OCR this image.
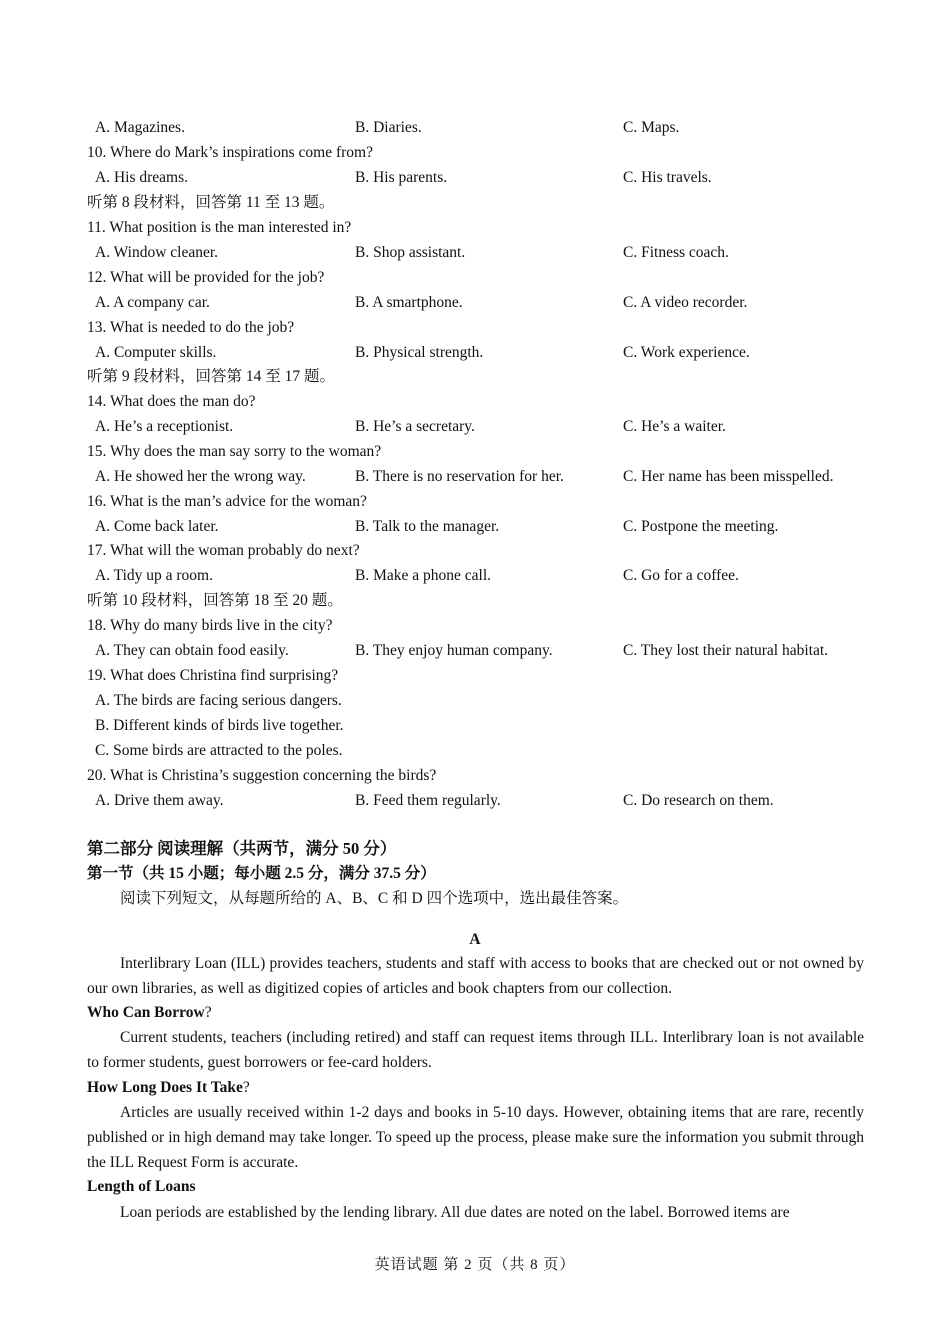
A. Magazines.	B. Diaries.	C. Maps.
10. Where do Mark’s inspirations come from?
A. His dreams.	B. His parents.	C. His travels.
听第 8 段材料，回答第 11 至 13 题。
11. What position is the man interested in?
A. Window cleaner.	B. Shop assistant.	C. Fitness coach.
12. What will be provided for the job?
A. A company car.	B. A smartphone.	C. A video recorder.
13. What is needed to do the job?
A. Computer skills.	B. Physical strength.	C. Work experience.
听第 9 段材料，回答第 14 至 17 题。
14. What does the man do?
A. He’s a receptionist.	B. He’s a secretary.	C. He’s a waiter.
15. Why does the man say sorry to the woman?
A. He showed her the wrong way.	B. There is no reservation for her.	C. Her name has been misspelled.
16. What is the man’s advice for the woman?
A. Come back later.	B. Talk to the manager.	C. Postpone the meeting.
17. What will the woman probably do next?
A. Tidy up a room.	B. Make a phone call.	C. Go for a coffee.
听第 10 段材料，回答第 18 至 20 题。
18. Why do many birds live in the city?
A. They can obtain food easily.	B. They enjoy human company.	C. They lost their natural habitat.
19. What does Christina find surprising?
A. The birds are facing serious dangers.
B. Different kinds of birds live together.
C. Some birds are attracted to the poles.
20. What is Christina’s suggestion concerning the birds?
A. Drive them away.	B. Feed them regularly.	C. Do research on them.
第二部分 阅读理解（共两节，满分 50 分）
第一节（共 15 小题；每小题 2.5 分，满分 37.5 分）
阅读下列短文，从每题所给的 A、B、C 和 D 四个选项中，选出最佳答案。
A
Interlibrary Loan (ILL) provides teachers, students and staff with access to books that are checked out or not owned by our own libraries, as well as digitized copies of articles and book chapters from our collection.
Who Can Borrow?
Current students, teachers (including retired) and staff can request items through ILL. Interlibrary loan is not available to former students, guest borrowers or fee-card holders.
How Long Does It Take?
Articles are usually received within 1-2 days and books in 5-10 days. However, obtaining items that are rare, recently published or in high demand may take longer. To speed up the process, please make sure the information you submit through the ILL Request Form is accurate.
Length of Loans
Loan periods are established by the lending library. All due dates are noted on the label. Borrowed items are
英语试题 第 2 页（共 8 页）
